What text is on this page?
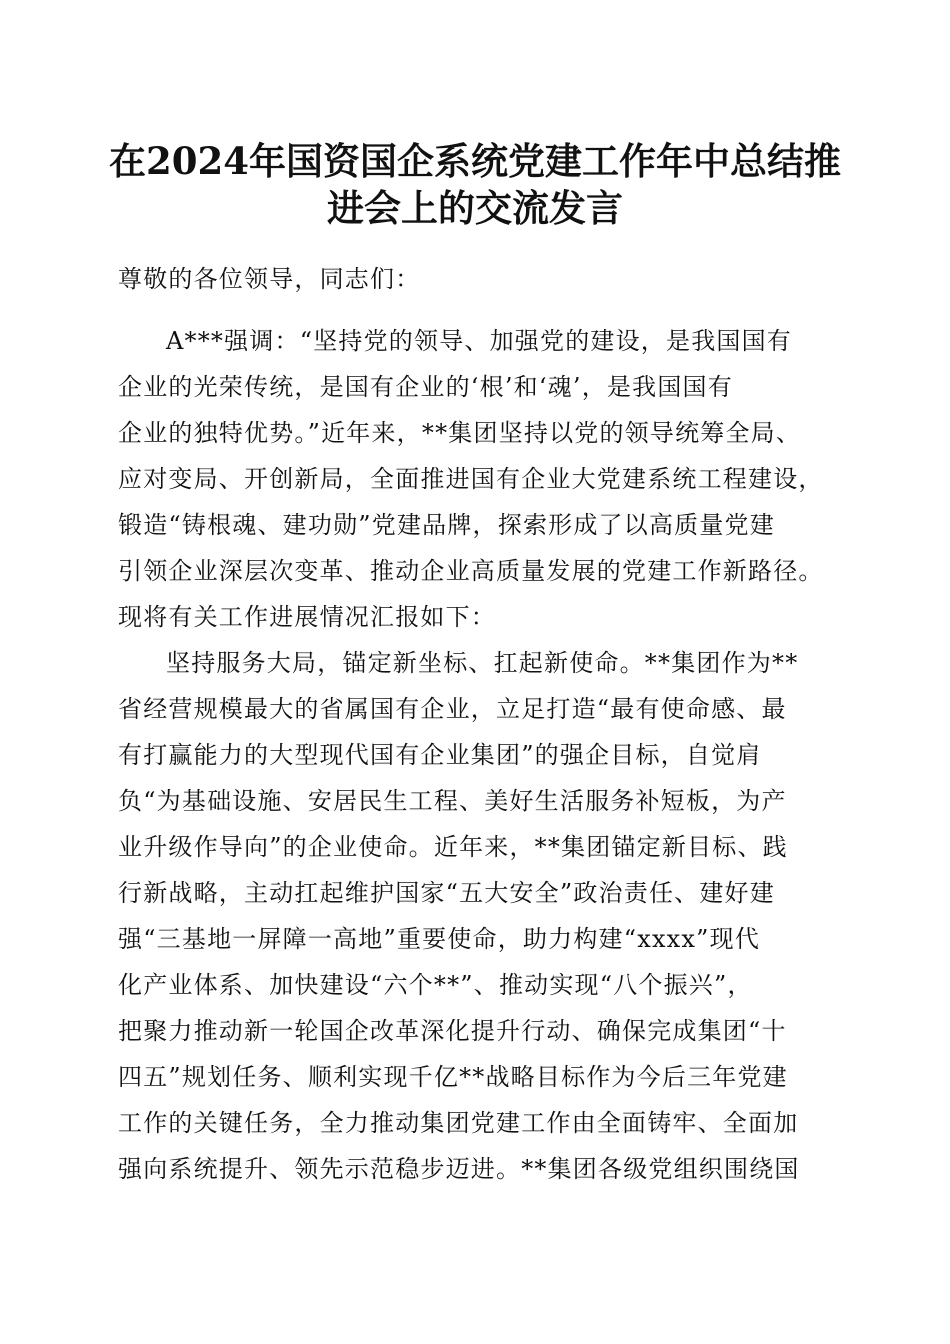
在2024年国资国企系统党建工作年中总结推
进会上的交流发言

尊敬的各位领导，同志们：

A***强调：“坚持党的领导、加强党的建设，是我国国有

企业的光荣传统，是国有企业的‘根’和‘魂’，是我国国有

企业的独特优势。”近年来，**集团坚持以党的领导统筹全局、

应对变局、开创新局，全面推进国有企业大党建系统工程建设，

锻造“铸根魂、建功勋”党建品牌，探索形成了以高质量党建

引领企业深层次变革、推动企业高质量发展的党建工作新路径。

现将有关工作进展情况汇报如下：

坚持服务大局，锚定新坐标、扛起新使命。**集团作为**

省经营规模最大的省属国有企业，立足打造“最有使命感、最

有打赢能力的大型现代国有企业集团”的强企目标，自觉肩

负“为基础设施、安居民生工程、美好生活服务补短板，为产

业升级作导向”的企业使命。近年来，**集团锚定新目标、践

行新战略，主动扛起维护国家“五大安全”政治责任、建好建

强“三基地一屏障一高地”重要使命，助力构建“xxxx”现代

化产业体系、加快建设“六个**”、推动实现“八个振兴”，

把聚力推动新一轮国企改革深化提升行动、确保完成集团“十

四五”规划任务、顺利实现千亿**战略目标作为今后三年党建

工作的关键任务，全力推动集团党建工作由全面铸牢、全面加

强向系统提升、领先示范稳步迈进。**集团各级党组织围绕国
